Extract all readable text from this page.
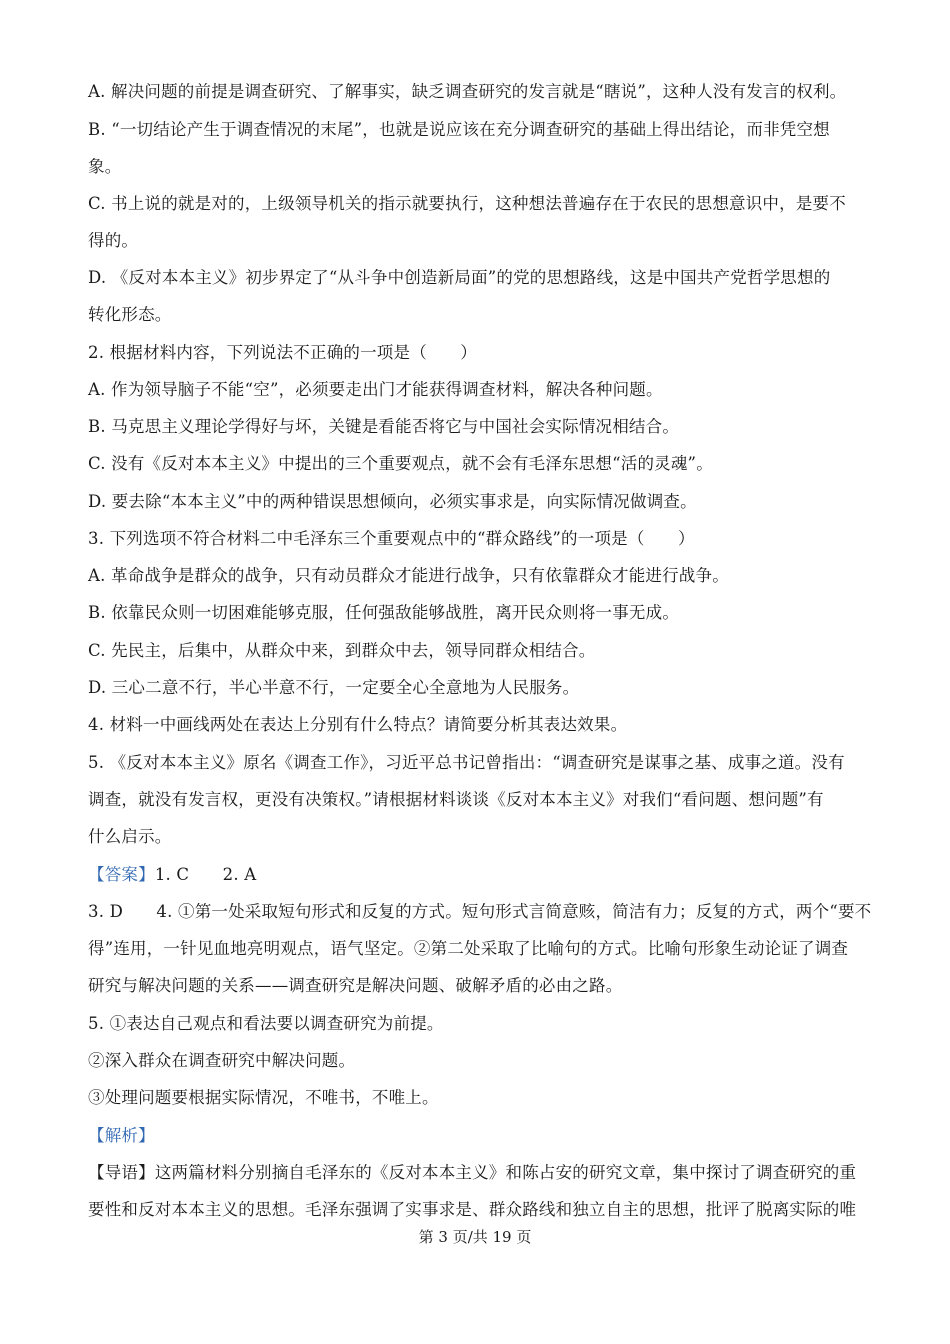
A. 解决问题的前提是调查研究、了解事实，缺乏调查研究的发言就是“瞎说”，这种人没有发言的权利。
B. “一切结论产生于调查情况的末尾”，也就是说应该在充分调查研究的基础上得出结论，而非凭空想
象。
C. 书上说的就是对的，上级领导机关的指示就要执行，这种想法普遍存在于农民的思想意识中，是要不
得的。
D. 《反对本本主义》初步界定了“从斗争中创造新局面”的党的思想路线，这是中国共产党哲学思想的
转化形态。
2. 根据材料内容，下列说法不正确的一项是（　　）
A. 作为领导脑子不能“空”，必须要走出门才能获得调查材料，解决各种问题。
B. 马克思主义理论学得好与坏，关键是看能否将它与中国社会实际情况相结合。
C. 没有《反对本本主义》中提出的三个重要观点，就不会有毛泽东思想“活的灵魂”。
D. 要去除“本本主义”中的两种错误思想倾向，必须实事求是，向实际情况做调查。
3. 下列选项不符合材料二中毛泽东三个重要观点中的“群众路线”的一项是（　　）
A. 革命战争是群众的战争，只有动员群众才能进行战争，只有依靠群众才能进行战争。
B. 依靠民众则一切困难能够克服，任何强敌能够战胜，离开民众则将一事无成。
C. 先民主，后集中，从群众中来，到群众中去，领导同群众相结合。
D. 三心二意不行，半心半意不行，一定要全心全意地为人民服务。
4. 材料一中画线两处在表达上分别有什么特点？请简要分析其表达效果。
5. 《反对本本主义》原名《调查工作》，习近平总书记曾指出：“调查研究是谋事之基、成事之道。没有
调查，就没有发言权，更没有决策权。”请根据材料谈谈《反对本本主义》对我们“看问题、想问题”有
什么启示。
【答案】1. C　　2. A
3. D　　4. ①第一处采取短句形式和反复的方式。短句形式言简意赅，简洁有力；反复的方式，两个“要不
得”连用，一针见血地亮明观点，语气坚定。②第二处采取了比喻句的方式。比喻句形象生动论证了调查
研究与解决问题的关系——调查研究是解决问题、破解矛盾的必由之路。
5. ①表达自己观点和看法要以调查研究为前提。
②深入群众在调查研究中解决问题。
③处理问题要根据实际情况，不唯书，不唯上。
【解析】
【导语】这两篇材料分别摘自毛泽东的《反对本本主义》和陈占安的研究文章，集中探讨了调查研究的重
要性和反对本本主义的思想。毛泽东强调了实事求是、群众路线和独立自主的思想，批评了脱离实际的唯
第 3 页/共 19 页
